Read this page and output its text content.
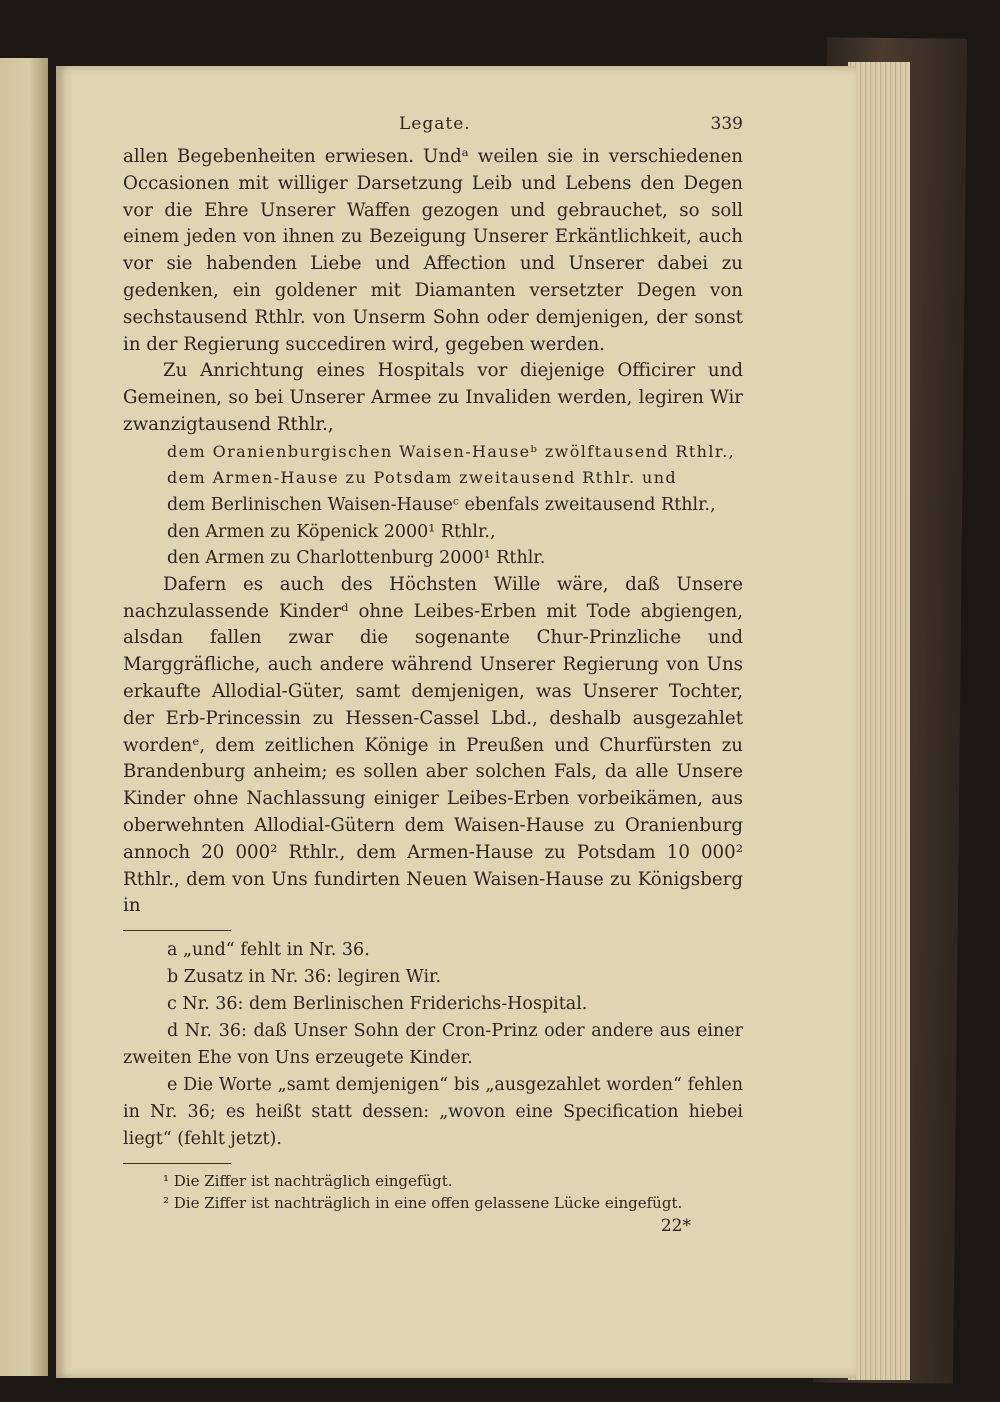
Legate.	339

allen Begebenheiten erwiesen. Undᵃ weilen sie in verschiedenen Occasionen mit williger Darsetzung Leib und Lebens den Degen vor die Ehre Unserer Waffen gezogen und gebrauchet, so soll einem jeden von ihnen zu Bezeigung Unserer Erkäntlichkeit, auch vor sie habenden Liebe und Affection und Unserer dabei zu gedenken, ein goldener mit Diamanten versetzter Degen von sechstausend Rthlr. von Unserm Sohn oder demjenigen, der sonst in der Regierung succediren wird, gegeben werden.

Zu Anrichtung eines Hospitals vor diejenige Officirer und Gemeinen, so bei Unserer Armee zu Invaliden werden, legiren Wir zwanzigtausend Rthlr.,

dem Oranienburgischen Waisen-Hauseᵇ zwölftausend Rthlr.,

dem Armen-Hause zu Potsdam zweitausend Rthlr. und

dem Berlinischen Waisen-Hauseᶜ ebenfals zweitausend Rthlr.,

den Armen zu Köpenick 2000¹ Rthlr.,

den Armen zu Charlottenburg 2000¹ Rthlr.

Dafern es auch des Höchsten Wille wäre, daß Unsere nachzulassende Kinderᵈ ohne Leibes-Erben mit Tode abgiengen, alsdan fallen zwar die sogenante Chur-Prinzliche und Marggräfliche, auch andere während Unserer Regierung von Uns erkaufte Allodial-Güter, samt demjenigen, was Unserer Tochter, der Erb-Princessin zu Hessen-Cassel Lbd., deshalb ausgezahlet wordenᵉ, dem zeitlichen Könige in Preußen und Churfürsten zu Brandenburg anheim; es sollen aber solchen Fals, da alle Unsere Kinder ohne Nachlassung einiger Leibes-Erben vorbeikämen, aus oberwehnten Allodial-Gütern dem Waisen-Hause zu Oranienburg annoch 20 000² Rthlr., dem Armen-Hause zu Potsdam 10 000² Rthlr., dem von Uns fundirten Neuen Waisen-Hause zu Königsberg in

a „und“ fehlt in Nr. 36.

b Zusatz in Nr. 36: legiren Wir.

c Nr. 36: dem Berlinischen Friderichs-Hospital.

d Nr. 36: daß Unser Sohn der Cron-Prinz oder andere aus einer zweiten Ehe von Uns erzeugete Kinder.

e Die Worte „samt demjenigen“ bis „ausgezahlet worden“ fehlen in Nr. 36; es heißt statt dessen: „wovon eine Specification hiebei liegt“ (fehlt jetzt).

¹ Die Ziffer ist nachträglich eingefügt.

² Die Ziffer ist nachträglich in eine offen gelassene Lücke eingefügt.

22*
